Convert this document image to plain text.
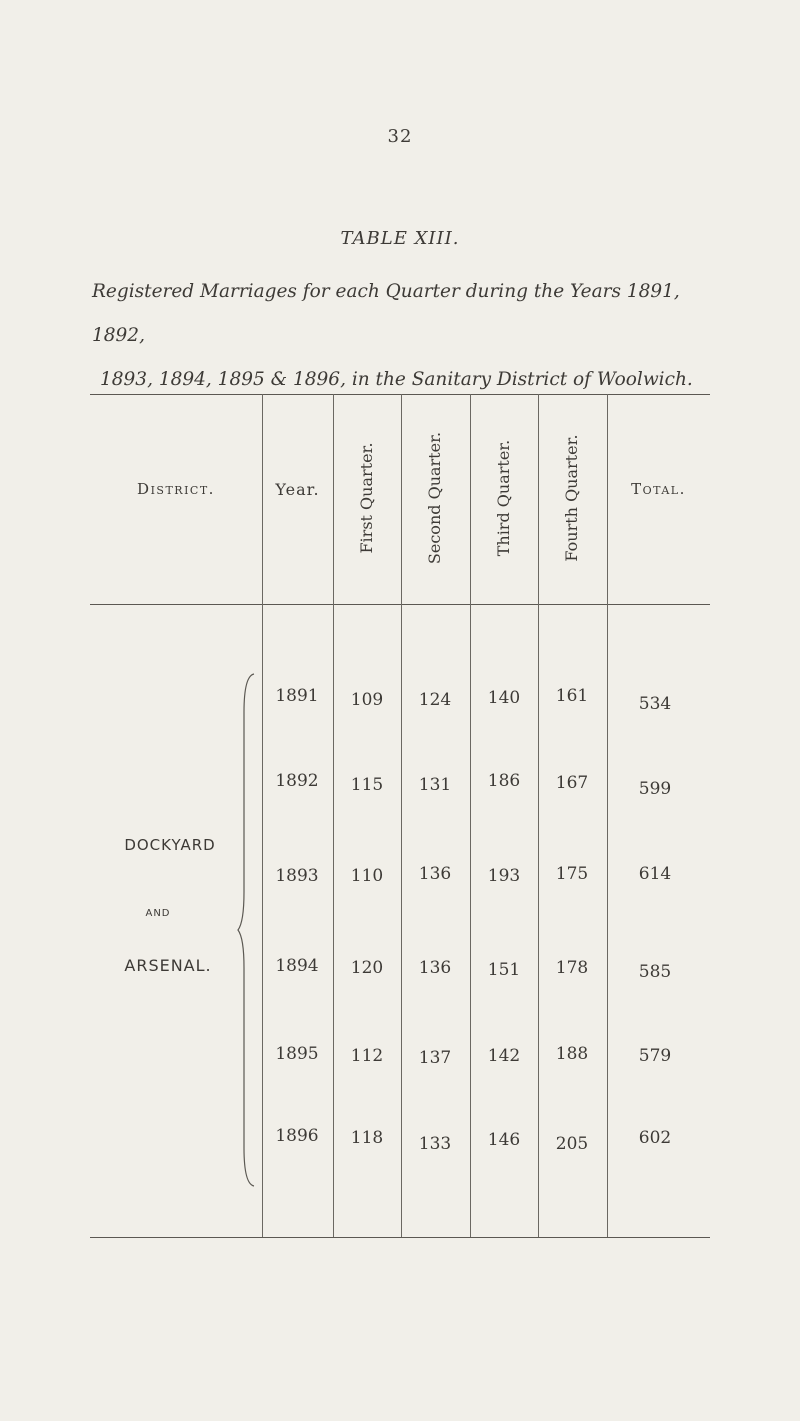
32
TABLE XIII.
Registered Marriages for each Quarter during the Years 1891, 1892,
1893, 1894, 1895 & 1896, in the Sanitary District of Woolwich.
District.	Year.	First Quarter.	Second Quarter.	Third Quarter.	Fourth Quarter.	Total.
DOCKYARD
AND
ARSENAL.
1891	109	124	140	161	534
1892	115	131	186	167	599
1893	110	136	193	175	614
1894	120	136	151	178	585
1895	112	137	142	188	579
1896	118	133	146	205	602
